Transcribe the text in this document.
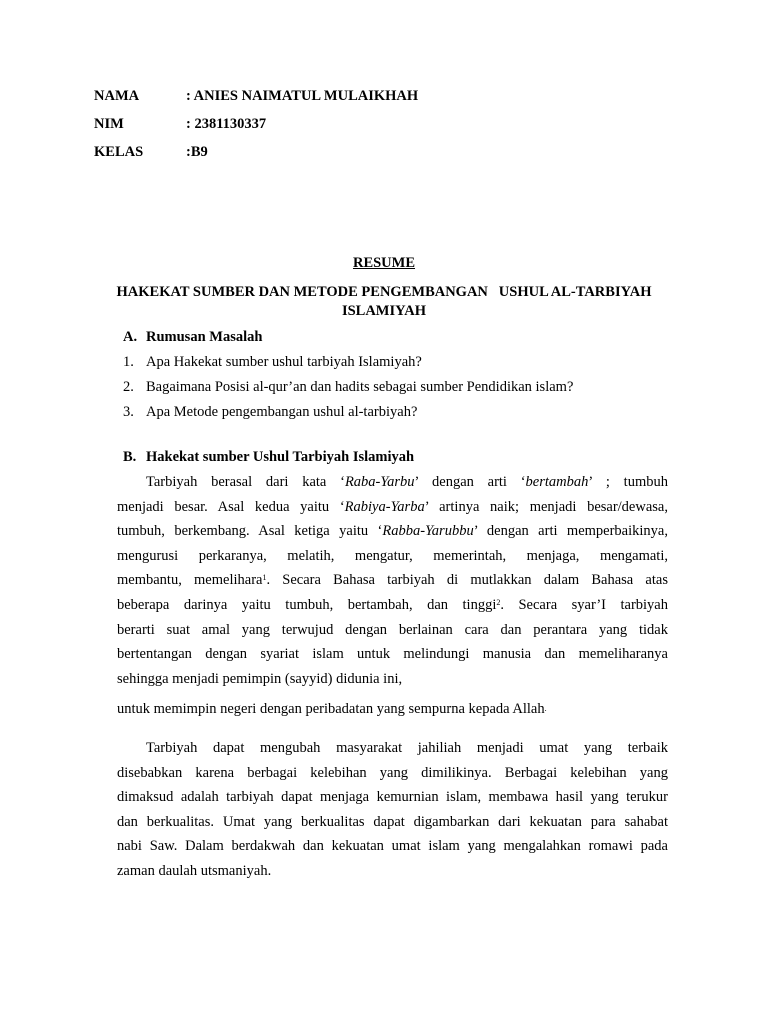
NAMA	: ANIES NAIMATUL MULAIKHAH
NIM	: 2381130337
KELAS	:B9
RESUME
HAKEKAT SUMBER DAN METODE PENGEMBANGAN   USHUL AL-TARBIYAH
ISLAMIYAH
A. Rumusan Masalah
1. Apa Hakekat sumber ushul tarbiyah Islamiyah?
2. Bagaimana Posisi al-qur’an dan hadits sebagai sumber Pendidikan islam?
3. Apa Metode pengembangan ushul al-tarbiyah?
B. Hakekat sumber Ushul Tarbiyah Islamiyah
Tarbiyah berasal dari kata ‘Raba-Yarbu’ dengan arti ‘bertambah’ ; tumbuh
menjadi besar. Asal kedua yaitu ‘Rabiya-Yarba’ artinya naik; menjadi besar/dewasa,
tumbuh, berkembang. Asal ketiga yaitu ‘Rabba-Yarubbu’ dengan arti memperbaikinya,
mengurusi perkaranya, melatih, mengatur, memerintah, menjaga, mengamati,
membantu, memelihara$^1$. Secara Bahasa tarbiyah di mutlakkan dalam Bahasa atas
beberapa darinya yaitu tumbuh, bertambah, dan tinggi$^2$. Secara syar’I tarbiyah
berarti suat amal yang terwujud dengan berlainan cara dan perantara yang tidak
bertentangan dengan syariat islam untuk melindungi manusia dan memeliharanya
sehingga menjadi pemimpin (sayyid) didunia ini,
untuk memimpin negeri dengan peribadatan yang sempurna kepada Allah.
Tarbiyah dapat mengubah masyarakat jahiliah menjadi umat yang terbaik
disebabkan karena berbagai kelebihan yang dimilikinya. Berbagai kelebihan yang
dimaksud adalah tarbiyah dapat menjaga kemurnian islam, membawa hasil yang terukur
dan berkualitas. Umat yang berkualitas dapat digambarkan dari kekuatan para sahabat
nabi Saw. Dalam berdakwah dan kekuatan umat islam yang mengalahkan romawi pada
zaman daulah utsmaniyah.
